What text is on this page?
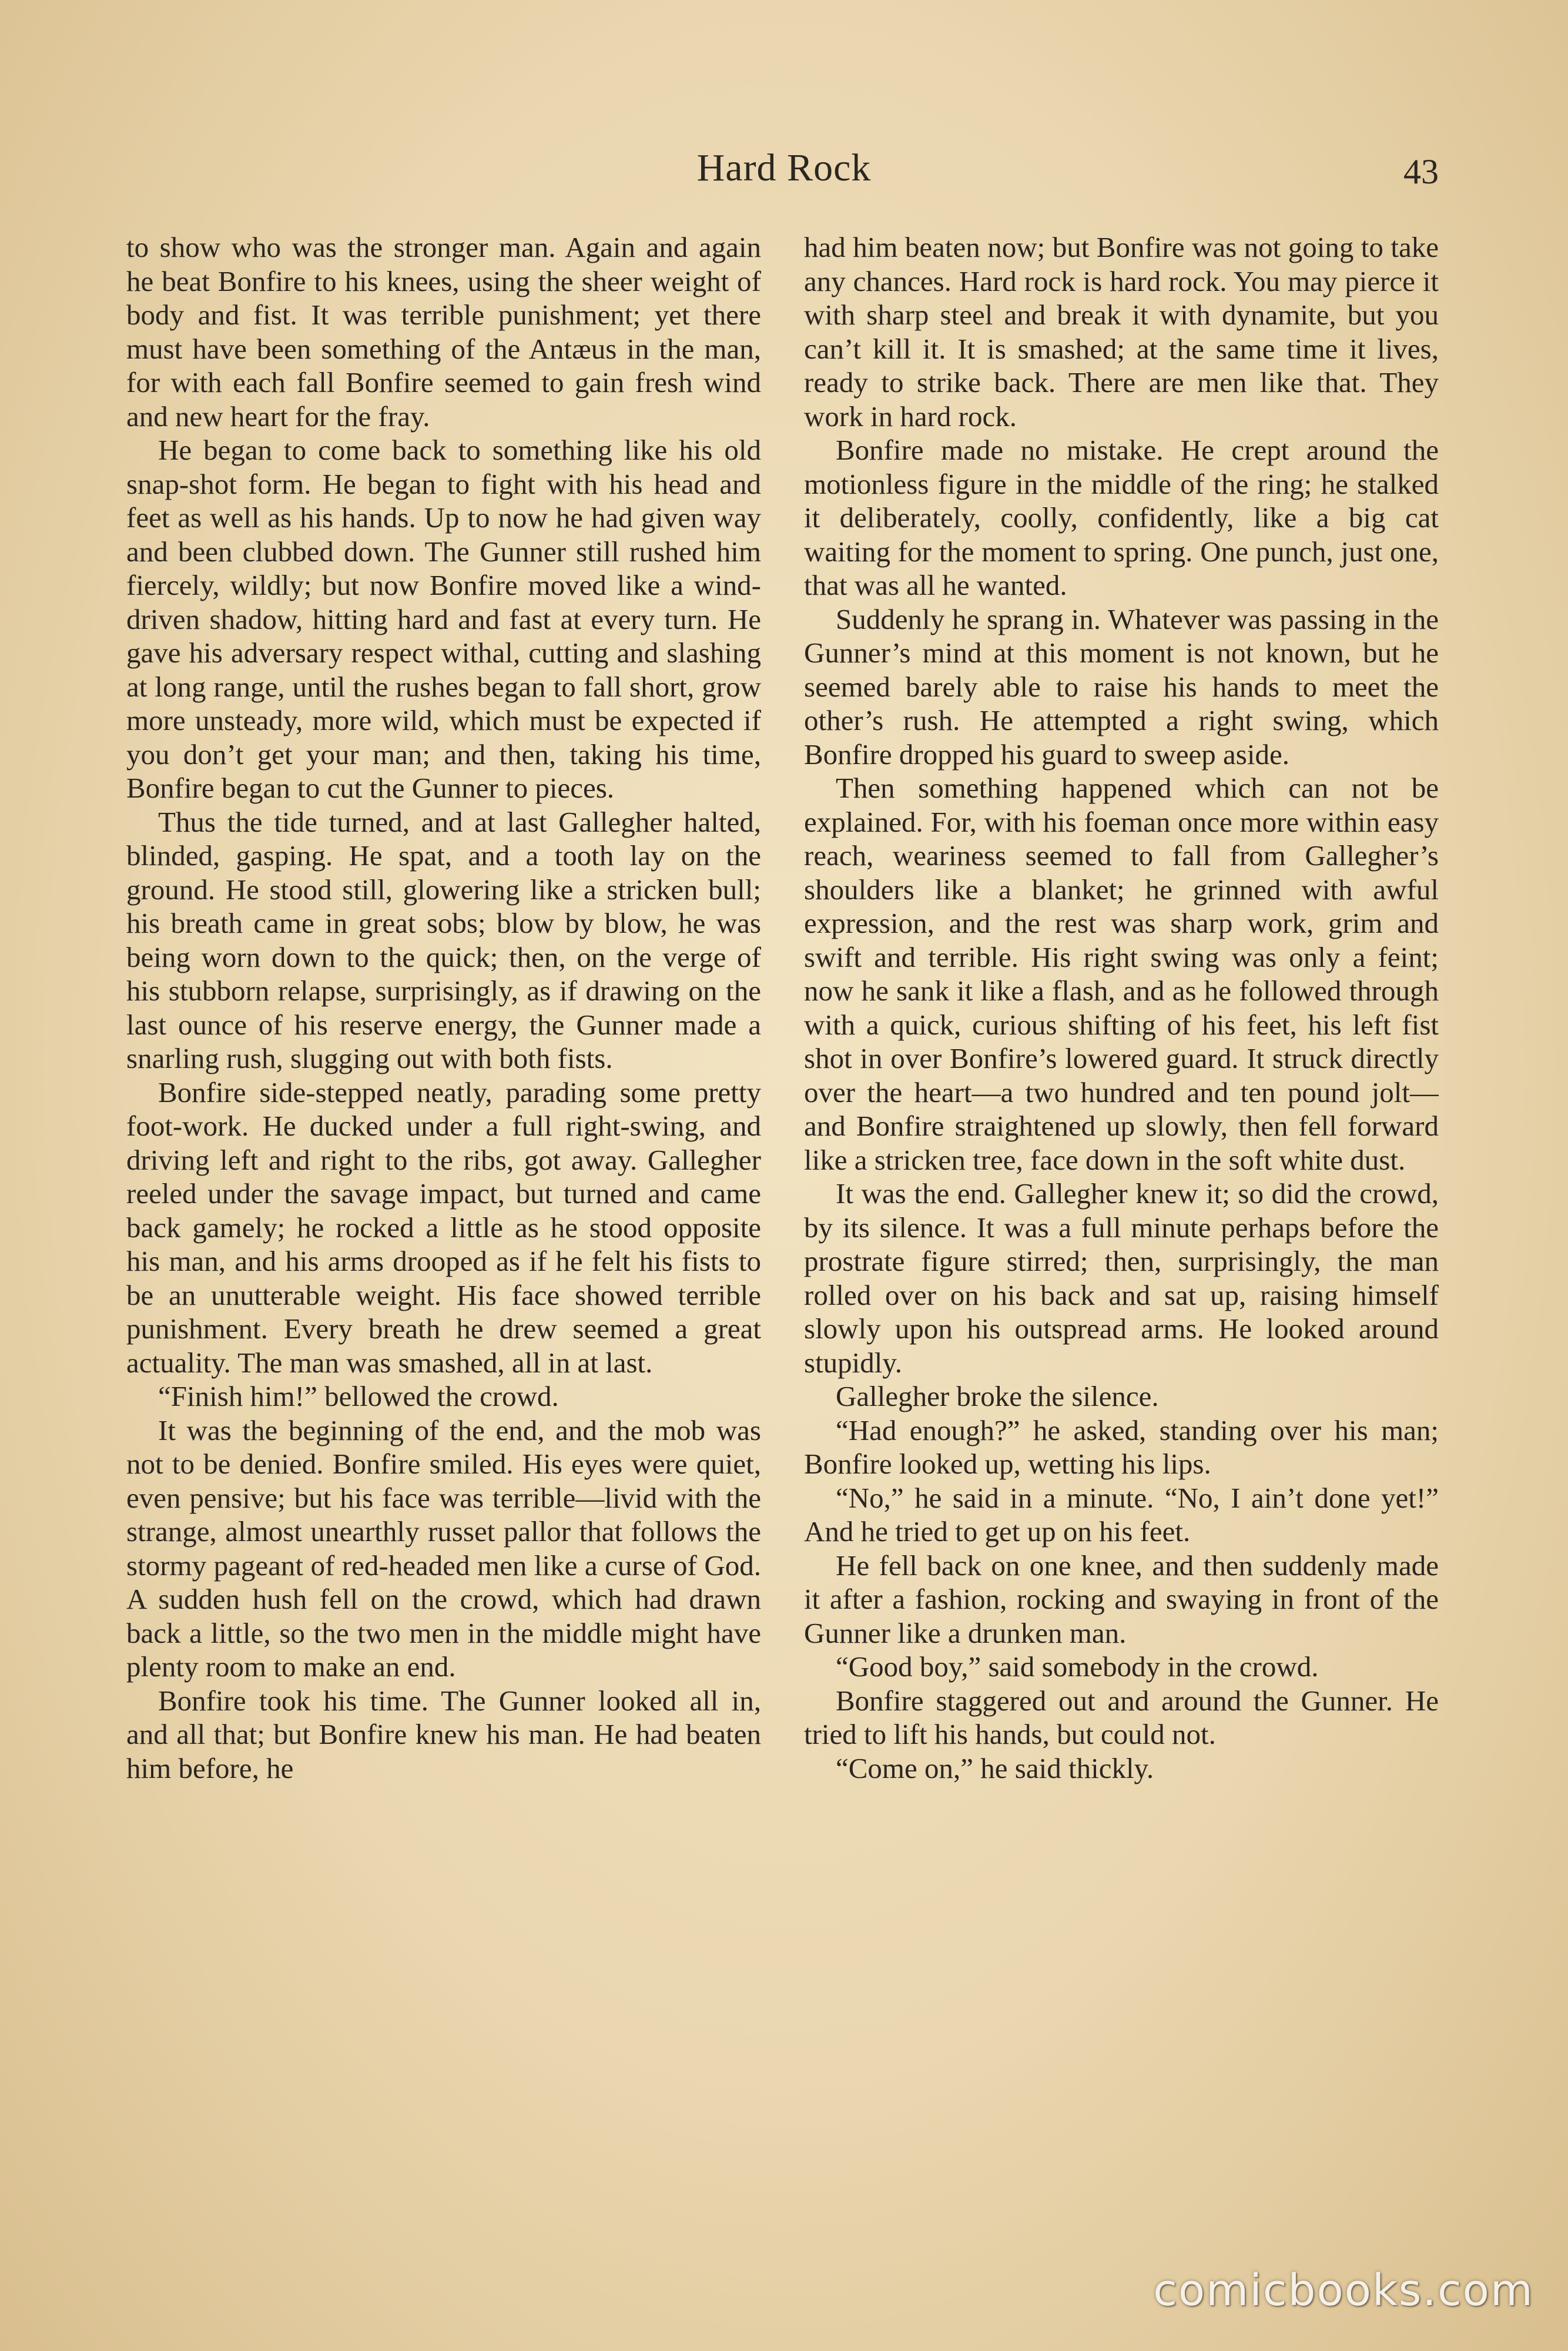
Hard Rock	43

to show who was the stronger man. Again and again he beat Bonfire to his knees, using the sheer weight of body and fist. It was terrible punishment; yet there must have been something of the Antæus in the man, for with each fall Bonfire seemed to gain fresh wind and new heart for the fray.

He began to come back to something like his old snap-shot form. He began to fight with his head and feet as well as his hands. Up to now he had given way and been clubbed down. The Gunner still rushed him fiercely, wildly; but now Bonfire moved like a wind-driven shadow, hitting hard and fast at every turn. He gave his adversary respect withal, cutting and slashing at long range, until the rushes began to fall short, grow more unsteady, more wild, which must be expected if you don’t get your man; and then, taking his time, Bonfire began to cut the Gunner to pieces.

Thus the tide turned, and at last Gallegher halted, blinded, gasping. He spat, and a tooth lay on the ground. He stood still, glowering like a stricken bull; his breath came in great sobs; blow by blow, he was being worn down to the quick; then, on the verge of his stubborn relapse, surprisingly, as if drawing on the last ounce of his reserve energy, the Gunner made a snarling rush, slugging out with both fists.

Bonfire side-stepped neatly, parading some pretty foot-work. He ducked under a full right-swing, and driving left and right to the ribs, got away. Gallegher reeled under the savage impact, but turned and came back gamely; he rocked a little as he stood opposite his man, and his arms drooped as if he felt his fists to be an unutterable weight. His face showed terrible punishment. Every breath he drew seemed a great actuality. The man was smashed, all in at last.

“Finish him!” bellowed the crowd.

It was the beginning of the end, and the mob was not to be denied. Bonfire smiled. His eyes were quiet, even pensive; but his face was terrible—livid with the strange, almost unearthly russet pallor that follows the stormy pageant of red-headed men like a curse of God. A sudden hush fell on the crowd, which had drawn back a little, so the two men in the middle might have plenty room to make an end.

Bonfire took his time. The Gunner looked all in, and all that; but Bonfire knew his man. He had beaten him before, he

had him beaten now; but Bonfire was not going to take any chances. Hard rock is hard rock. You may pierce it with sharp steel and break it with dynamite, but you can’t kill it. It is smashed; at the same time it lives, ready to strike back. There are men like that. They work in hard rock.

Bonfire made no mistake. He crept around the motionless figure in the middle of the ring; he stalked it deliberately, coolly, confidently, like a big cat waiting for the moment to spring. One punch, just one, that was all he wanted.

Suddenly he sprang in. Whatever was passing in the Gunner’s mind at this moment is not known, but he seemed barely able to raise his hands to meet the other’s rush. He attempted a right swing, which Bonfire dropped his guard to sweep aside.

Then something happened which can not be explained. For, with his foeman once more within easy reach, weariness seemed to fall from Gallegher’s shoulders like a blanket; he grinned with awful expression, and the rest was sharp work, grim and swift and terrible. His right swing was only a feint; now he sank it like a flash, and as he followed through with a quick, curious shifting of his feet, his left fist shot in over Bonfire’s lowered guard. It struck directly over the heart—a two hundred and ten pound jolt—and Bonfire straightened up slowly, then fell forward like a stricken tree, face down in the soft white dust.

It was the end. Gallegher knew it; so did the crowd, by its silence. It was a full minute perhaps before the prostrate figure stirred; then, surprisingly, the man rolled over on his back and sat up, raising himself slowly upon his outspread arms. He looked around stupidly.

Gallegher broke the silence.

“Had enough?” he asked, standing over his man; Bonfire looked up, wetting his lips.

“No,” he said in a minute. “No, I ain’t done yet!” And he tried to get up on his feet.

He fell back on one knee, and then suddenly made it after a fashion, rocking and swaying in front of the Gunner like a drunken man.

“Good boy,” said somebody in the crowd.

Bonfire staggered out and around the Gunner. He tried to lift his hands, but could not.

“Come on,” he said thickly.

comicbooks.com
